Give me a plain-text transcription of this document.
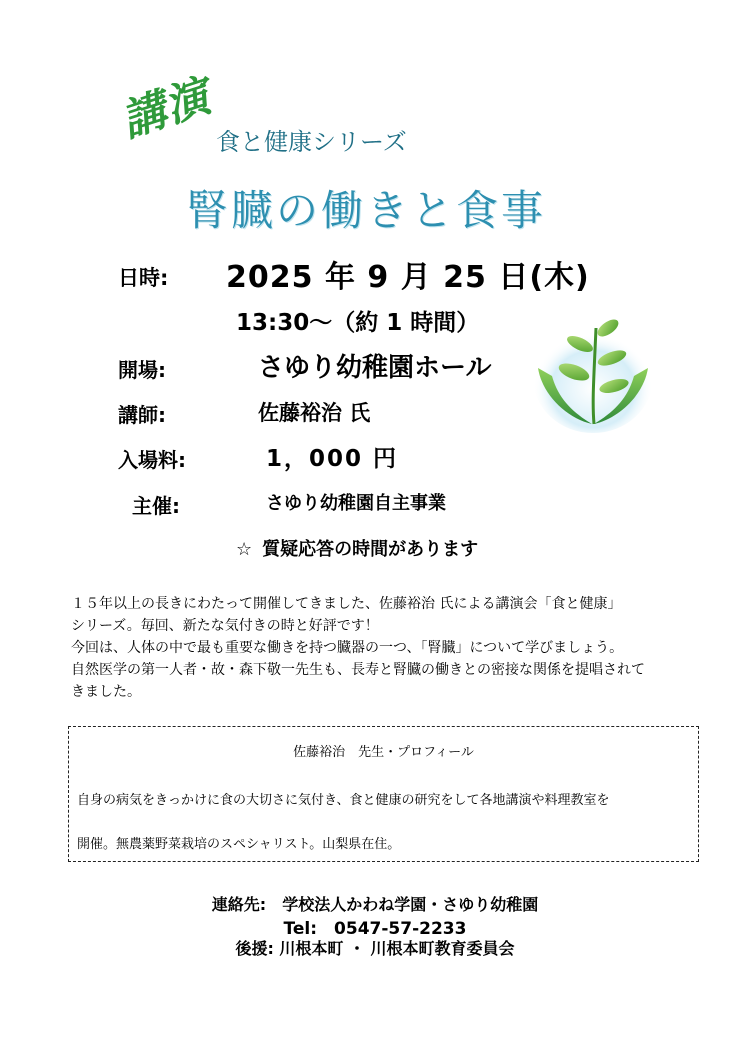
講演 食と健康シリーズ
腎臓の働きと食事
日時: 2025 年 9 月 25 日(木)
13:30～（約 1 時間）
開場:	さゆり幼稚園ホール
講師:	佐藤裕治 氏
入場料:	1，000 円
主催:	さゆり幼稚園自主事業
☆ 質疑応答の時間があります
１５年以上の長きにわたって開催してきました、佐藤裕治 氏による講演会「食と健康」
シリーズ。毎回、新たな気付きの時と好評です！
今回は、人体の中で最も重要な働きを持つ臓器の一つ、「腎臓」について学びましょう。
自然医学の第一人者・故・森下敬一先生も、長寿と腎臓の働きとの密接な関係を提唱されて
きました。
佐藤裕治　先生・プロフィール
自身の病気をきっかけに食の大切さに気付き、食と健康の研究をして各地講演や料理教室を
開催。無農薬野菜栽培のスペシャリスト。山梨県在住。
連絡先:　学校法人かわね学園・さゆり幼稚園
Tel:　0547-57-2233
後援: 川根本町 ・ 川根本町教育委員会
